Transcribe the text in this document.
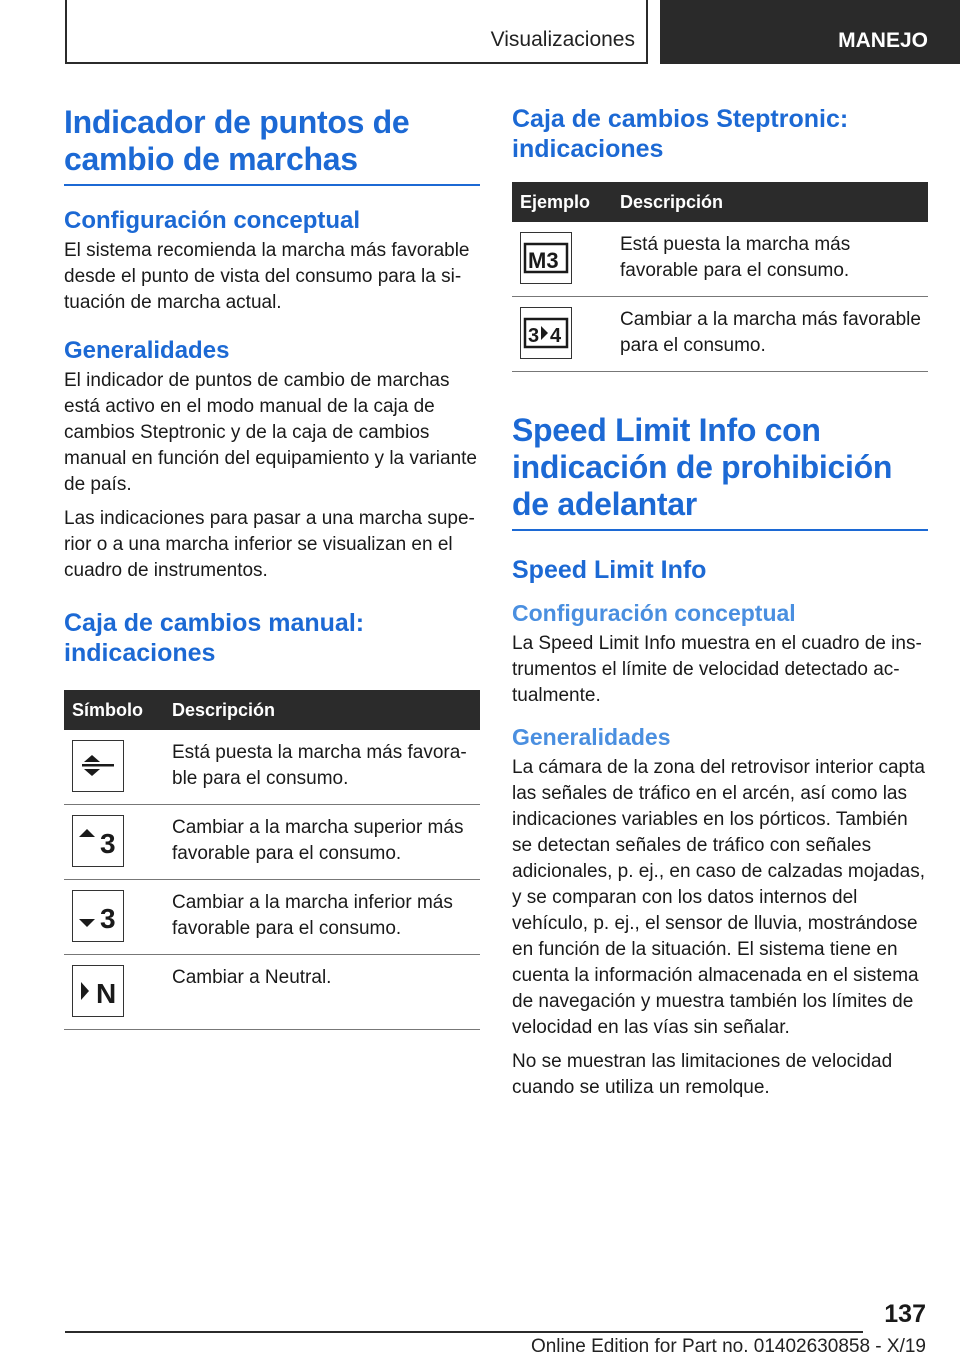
Visualizaciones	MANEJO
Indicador de puntos de cambio de marchas
Configuración conceptual

El sistema recomienda la marcha más favorable desde el punto de vista del consumo para la situación de marcha actual.

Generalidades

El indicador de puntos de cambio de marchas está activo en el modo manual de la caja de cambios Steptronic y de la caja de cambios manual en función del equipamiento y la variante de país.

Las indicaciones para pasar a una marcha superior o a una marcha inferior se visualizan en el cuadro de instrumentos.

Caja de cambios manual: indicaciones
Símbolo	Descripción

	Está puesta la marcha más favorable para el consumo.

3	Cambiar a la marcha superior más favorable para el consumo.

3	Cambiar a la marcha inferior más favorable para el consumo.

N	Cambiar a Neutral.
Caja de cambios Steptronic: indicaciones
Ejemplo	Descripción

M3	Está puesta la marcha más favorable para el consumo.

3 4	Cambiar a la marcha más favorable para el consumo.
Speed Limit Info con indicación de prohibición de adelantar
Speed Limit Info
Configuración conceptual

La Speed Limit Info muestra en el cuadro de instrumentos el límite de velocidad detectado actualmente.

Generalidades

La cámara de la zona del retrovisor interior capta las señales de tráfico en el arcén, así como las indicaciones variables en los pórticos. También se detectan señales de tráfico con señales adicionales, p. ej., en caso de calzadas mojadas, y se comparan con los datos internos del vehículo, p. ej., el sensor de lluvia, mostrándose en función de la situación. El sistema tiene en cuenta la información almacenada en el sistema de navegación y muestra también los límites de velocidad en las vías sin señalar.

No se muestran las limitaciones de velocidad cuando se utiliza un remolque.

137
Online Edition for Part no. 01402630858 - X/19
